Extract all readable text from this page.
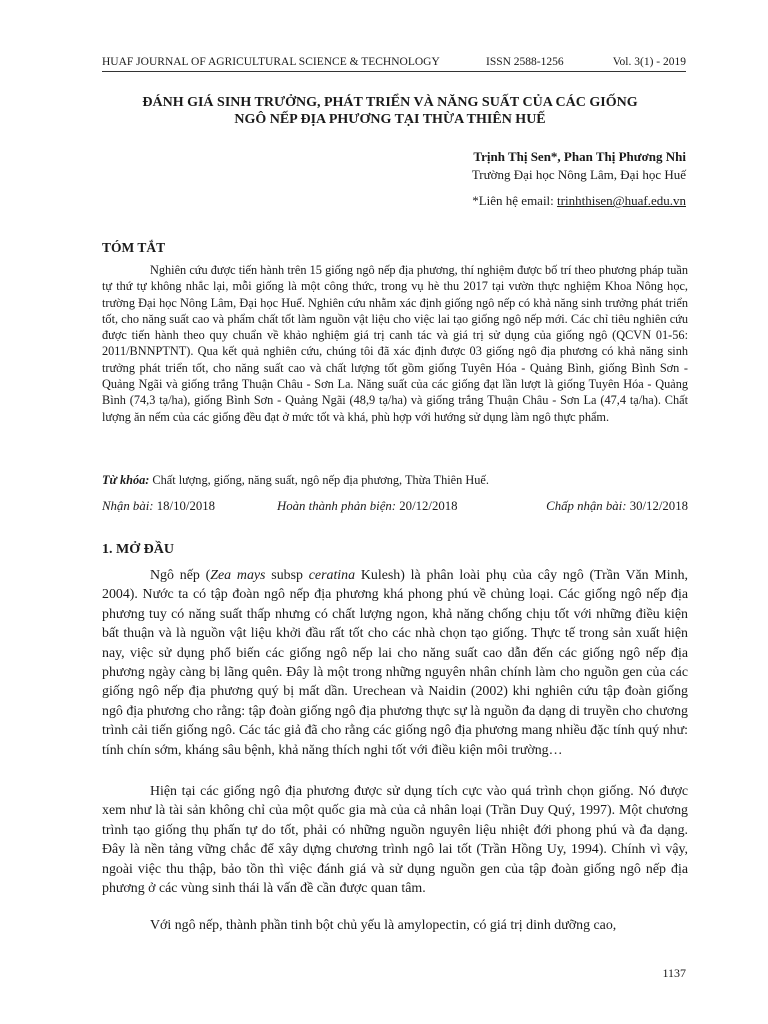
HUAF JOURNAL OF AGRICULTURAL SCIENCE & TECHNOLOGY	ISSN 2588-1256	Vol. 3(1) - 2019
ĐÁNH GIÁ SINH TRƯỞNG, PHÁT TRIỂN VÀ NĂNG SUẤT CỦA CÁC GIỐNG
NGÔ NẾP ĐỊA PHƯƠNG TẠI THỪA THIÊN HUẾ
Trịnh Thị Sen*, Phan Thị Phương Nhi
Trường Đại học Nông Lâm, Đại học Huế
*Liên hệ email: trinhthisen@huaf.edu.vn
TÓM TẮT

Nghiên cứu được tiến hành trên 15 giống ngô nếp địa phương, thí nghiệm được bố trí theo phương pháp tuần tự thứ tự không nhắc lại, mỗi giống là một công thức, trong vụ hè thu 2017 tại vườn thực nghiệm Khoa Nông học, trường Đại học Nông Lâm, Đại học Huế. Nghiên cứu nhằm xác định giống ngô nếp có khả năng sinh trưởng phát triển tốt, cho năng suất cao và phẩm chất tốt làm nguồn vật liệu cho việc lai tạo giống ngô nếp mới. Các chỉ tiêu nghiên cứu được tiến hành theo quy chuẩn về khảo nghiệm giá trị canh tác và giá trị sử dụng của giống ngô (QCVN 01-56: 2011/BNNPTNT). Qua kết quả nghiên cứu, chúng tôi đã xác định được 03 giống ngô địa phương có khả năng sinh trưởng phát triển tốt, cho năng suất cao và chất lượng tốt gồm giống Tuyên Hóa - Quảng Bình, giống Bình Sơn - Quảng Ngãi và giống trắng Thuận Châu - Sơn La. Năng suất của các giống đạt lần lượt là giống Tuyên Hóa - Quảng Bình (74,3 tạ/ha), giống Bình Sơn - Quảng Ngãi (48,9 tạ/ha) và giống trắng Thuận Châu - Sơn La (47,4 tạ/ha). Chất lượng ăn nếm của các giống đều đạt ở mức tốt và khá, phù hợp với hướng sử dụng làm ngô thực phẩm.

Từ khóa: Chất lượng, giống, năng suất, ngô nếp địa phương, Thừa Thiên Huế.
Nhận bài: 18/10/2018	Hoàn thành phản biện: 20/12/2018	Chấp nhận bài: 30/12/2018
1. MỞ ĐẦU

Ngô nếp (Zea mays subsp ceratina Kulesh) là phân loài phụ của cây ngô (Trần Văn Minh, 2004). Nước ta có tập đoàn ngô nếp địa phương khá phong phú về chủng loại. Các giống ngô nếp địa phương tuy có năng suất thấp nhưng có chất lượng ngon, khả năng chống chịu tốt với những điều kiện bất thuận và là nguồn vật liệu khởi đầu rất tốt cho các nhà chọn tạo giống. Thực tế trong sản xuất hiện nay, việc sử dụng phổ biến các giống ngô nếp lai cho năng suất cao dẫn đến các giống ngô nếp địa phương ngày càng bị lãng quên. Đây là một trong những nguyên nhân chính làm cho nguồn gen của các giống ngô nếp địa phương quý bị mất dần. Urechean và Naidin (2002) khi nghiên cứu tập đoàn giống ngô địa phương cho rằng: tập đoàn giống ngô địa phương thực sự là nguồn đa dạng di truyền cho chương trình cải tiến giống ngô. Các tác giả đã cho rằng các giống ngô địa phương mang nhiều đặc tính quý như: tính chín sớm, kháng sâu bệnh, khả năng thích nghi tốt với điều kiện môi trường…

Hiện tại các giống ngô địa phương được sử dụng tích cực vào quá trình chọn giống. Nó được xem như là tài sản không chỉ của một quốc gia mà của cả nhân loại (Trần Duy Quý, 1997). Một chương trình tạo giống thụ phấn tự do tốt, phải có những nguồn nguyên liệu nhiệt đới phong phú và đa dạng. Đây là nền tảng vững chắc để xây dựng chương trình ngô lai tốt (Trần Hồng Uy, 1994). Chính vì vậy, ngoài việc thu thập, bảo tồn thì việc đánh giá và sử dụng nguồn gen của tập đoàn giống ngô nếp địa phương ở các vùng sinh thái là vấn đề cần được quan tâm.

Với ngô nếp, thành phần tinh bột chủ yếu là amylopectin, có giá trị dinh dưỡng cao,

1137
